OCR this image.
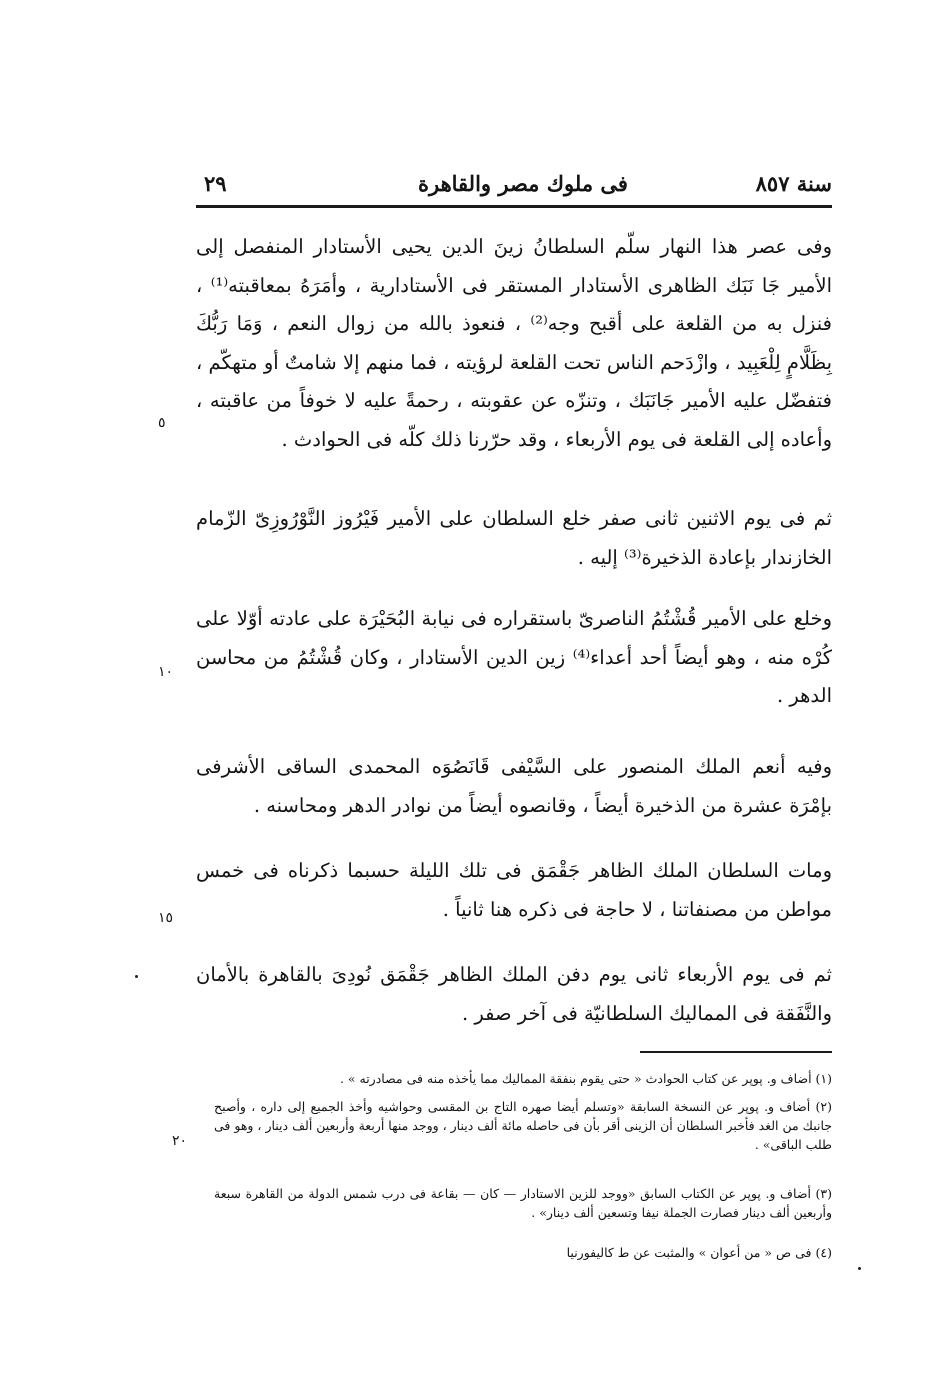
سنة ٨٥٧
فى ملوك مصر والقاهرة
٢٩
وفى عصر هذا النهار سلّم السلطانُ زينَ الدين يحيى الأستادار المنفصل إلى الأمير جَا نَبَك الظاهرى الأستادار المستقر فى الأستادارية ، وأمَرَهُ بمعاقبته⁽¹⁾ ، فنزل به من القلعة على أقبح وجه⁽²⁾ ، فنعوذ بالله من زوال النعم ، وَمَا رَبُّكَ بِظَلَّامٍ لِلْعَبِيد ، وازْدَحم الناس تحت القلعة لرؤيته ، فما منهم إلا شامتٌ أو متهكّم ، فتفضّل عليه الأمير جَانَبَك ، وتنزّه عن عقوبته ، رحمةً عليه لا خوفاً من عاقبته ، وأعاده إلى القلعة فى يوم الأربعاء ، وقد حرّرنا ذلك كلّه فى الحوادث .
ثم فى يوم الاثنين ثانى صفر خلع السلطان على الأمير فَيْرُوز النَّوْرُوزِىّ الزّمام الخازندار بإعادة الذخيرة⁽³⁾ إليه .
وخلع على الأمير قُشْتُمُ الناصرىّ باستقراره فى نيابة البُحَيْرَة على عادته أوّلا على كُرْه منه ، وهو أيضاً أحد أعداء⁽⁴⁾ زين الدين الأستادار ، وكان قُشْتُمُ من محاسن الدهر .
وفيه أنعم الملك المنصور على السَّيْفى قَانَصُوَه المحمدى الساقى الأشرفى بإمْرَة عشرة من الذخيرة أيضاً ، وقانصوه أيضاً من نوادر الدهر ومحاسنه .
ومات السلطان الملك الظاهر جَقْمَق فى تلك الليلة حسبما ذكرناه فى خمس مواطن من مصنفاتنا ، لا حاجة فى ذكره هنا ثانياً .
ثم فى يوم الأربعاء ثانى يوم دفن الملك الظاهر جَقْمَق نُودِىَ بالقاهرة بالأمان والنَّفَقة فى المماليك السلطانيّة فى آخر صفر .
٥
١٠
١٥
٢٠
(١) أضاف و. پوپر عن كتاب الحوادث « حتى يقوم بنفقة المماليك مما يأخذه منه فى مصادرته » .
(٢) أضاف و. پوپر عن النسخة السابقة «وتسلم أيضا صهره التاج بن المقسى وحواشيه وأخذ الجميع إلى داره ، وأصبح جانبك من الغد فأخبر السلطان أن الزينى أقر بأن فى حاصله مائة ألف دينار ، ووجد منها أربعة وأربعين ألف دينار ، وهو فى طلب الباقى» .
(٣) أضاف و. پوپر عن الكتاب السابق «ووجد للزين الاستادار — كان — بقاعة فى درب شمس الدولة من القاهرة سبعة وأربعين ألف دينار فصارت الجملة نيفا وتسعين ألف دينار» .
(٤) فى ص « من أعوان » والمثبت عن ط كاليفورنيا
